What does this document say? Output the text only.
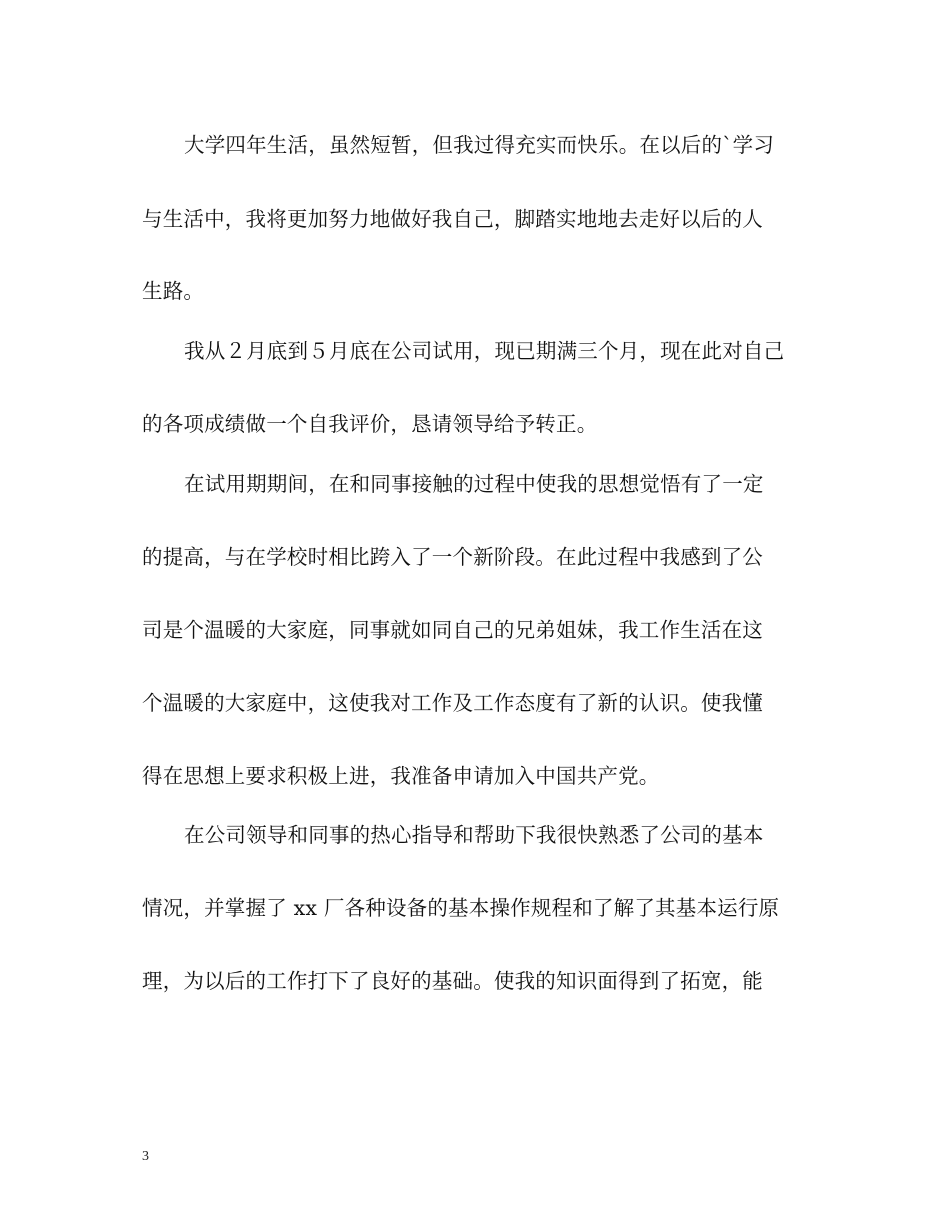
大学四年生活，虽然短暂，但我过得充实而快乐。在以后的`学习
与生活中，我将更加努力地做好我自己，脚踏实地地去走好以后的人
生路。
我从２月底到５月底在公司试用，现已期满三个月，现在此对自己
的各项成绩做一个自我评价，恳请领导给予转正。
在试用期期间，在和同事接触的过程中使我的思想觉悟有了一定
的提高，与在学校时相比跨入了一个新阶段。在此过程中我感到了公
司是个温暖的大家庭，同事就如同自己的兄弟姐妹，我工作生活在这
个温暖的大家庭中，这使我对工作及工作态度有了新的认识。使我懂
得在思想上要求积极上进，我准备申请加入中国共产党。
在公司领导和同事的热心指导和帮助下我很快熟悉了公司的基本
情况，并掌握了 xx 厂各种设备的基本操作规程和了解了其基本运行原
理，为以后的工作打下了良好的基础。使我的知识面得到了拓宽，能
3
